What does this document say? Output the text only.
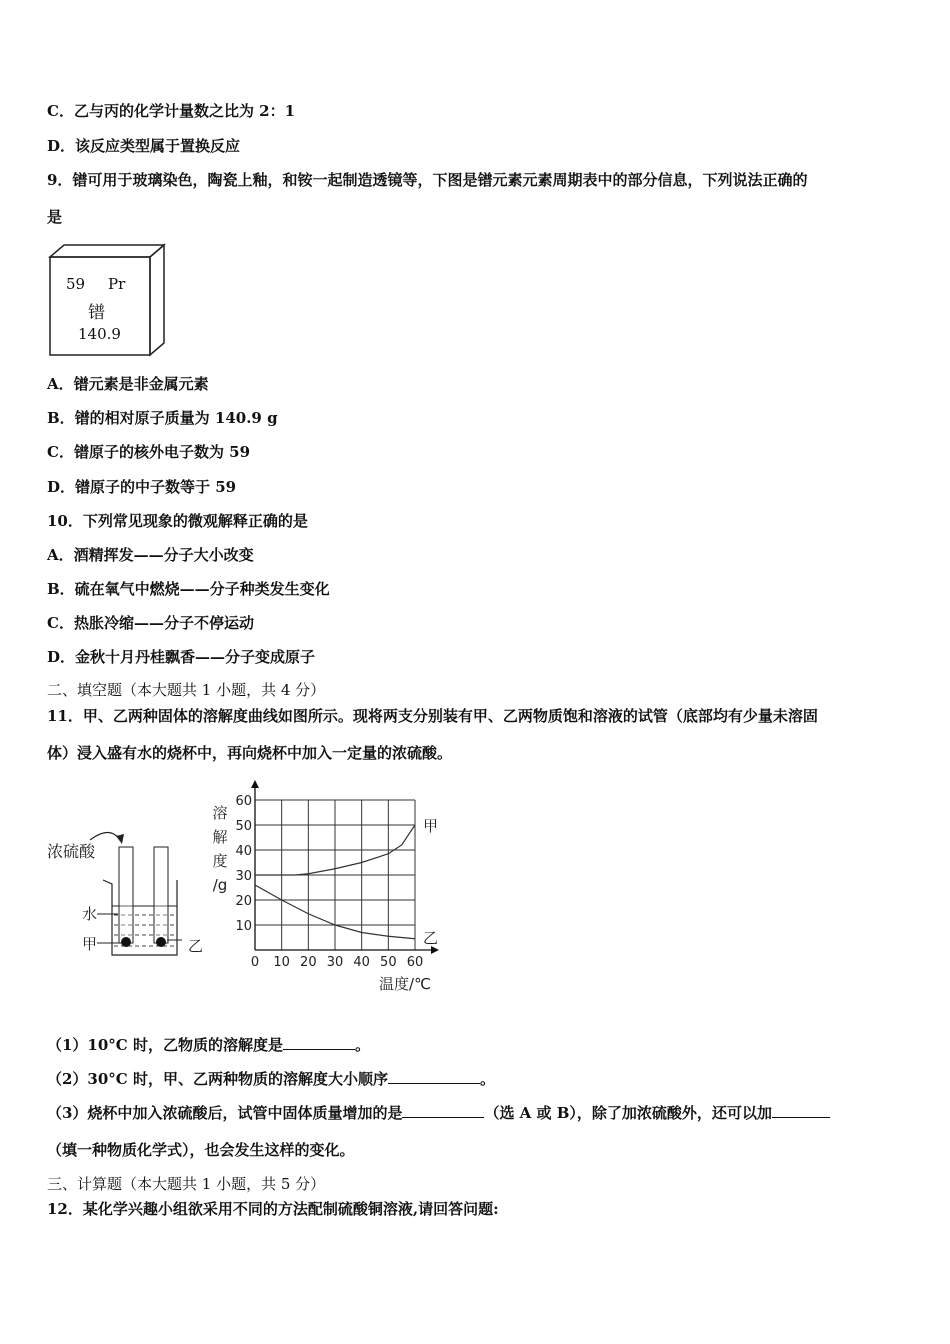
C．乙与丙的化学计量数之比为 2：1
D．该反应类型属于置换反应
9．镨可用于玻璃染色，陶瓷上釉，和铵一起制造透镜等，下图是镨元素元素周期表中的部分信息，下列说法正确的
是
59 Pr
镨
140.9
A．镨元素是非金属元素
B．镨的相对原子质量为 140.9 g
C．镨原子的核外电子数为 59
D．镨原子的中子数等于 59
10．下列常见现象的微观解释正确的是
A．酒精挥发——分子大小改变
B．硫在氧气中燃烧——分子种类发生变化
C．热胀冷缩——分子不停运动
D．金秋十月丹桂飘香——分子变成原子
二、填空题（本大题共 1 小题，共 4 分）
11．甲、乙两种固体的溶解度曲线如图所示。现将两支分别装有甲、乙两物质饱和溶液的试管（底部均有少量未溶固
体）浸入盛有水的烧杯中，再向烧杯中加入一定量的浓硫酸。
浓硫酸
水
甲	乙
0 10 20 30 40 50 60
10
20
30
40
50
60
溶
解
度
/g
温度/℃
甲
乙
（1）10°C 时，乙物质的溶解度是	。
（2）30°C 时，甲、乙两种物质的溶解度大小顺序	。
（3）烧杯中加入浓硫酸后，试管中固体质量增加的是	（选 A 或 B），除了加浓硫酸外，还可以加
（填一种物质化学式），也会发生这样的变化。
三、计算题（本大题共 1 小题，共 5 分）
12．某化学兴趣小组欲采用不同的方法配制硫酸铜溶液,请回答问题:
